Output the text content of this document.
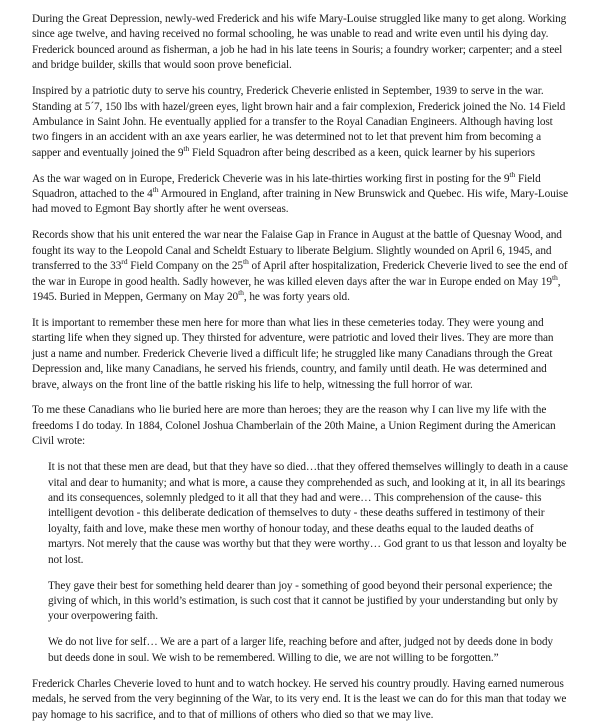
During the Great Depression, newly-wed Frederick and his wife Mary-Louise struggled like many to get along. Working since age twelve, and having received no formal schooling, he was unable to read and write even until his dying day. Frederick bounced around as fisherman, a job he had in his late teens in Souris; a foundry worker; carpenter; and a steel and bridge builder, skills that would soon prove beneficial.

Inspired by a patriotic duty to serve his country, Frederick Cheverie enlisted in September, 1939 to serve in the war. Standing at 5´7, 150 lbs with hazel/green eyes, light brown hair and a fair complexion, Frederick joined the No. 14 Field Ambulance in Saint John. He eventually applied for a transfer to the Royal Canadian Engineers. Although having lost two fingers in an accident with an axe years earlier, he was determined not to let that prevent him from becoming a sapper and eventually joined the 9th Field Squadron after being described as a keen, quick learner by his superiors

As the war waged on in Europe, Frederick Cheverie was in his late-thirties working first in posting for the 9th Field Squadron, attached to the 4th Armoured in England, after training in New Brunswick and Quebec. His wife, Mary-Louise had moved to Egmont Bay shortly after he went overseas.

Records show that his unit entered the war near the Falaise Gap in France in August at the battle of Quesnay Wood, and fought its way to the Leopold Canal and Scheldt Estuary to liberate Belgium. Slightly wounded on April 6, 1945, and transferred to the 33rd Field Company on the 25th of April after hospitalization, Frederick Cheverie lived to see the end of the war in Europe in good health. Sadly however, he was killed eleven days after the war in Europe ended on May 19th, 1945. Buried in Meppen, Germany on May 20th, he was forty years old.

It is important to remember these men here for more than what lies in these cemeteries today. They were young and starting life when they signed up. They thirsted for adventure, were patriotic and loved their lives. They are more than just a name and number. Frederick Cheverie lived a difficult life; he struggled like many Canadians through the Great Depression and, like many Canadians, he served his friends, country, and family until death. He was determined and brave, always on the front line of the battle risking his life to help, witnessing the full horror of war.

To me these Canadians who lie buried here are more than heroes; they are the reason why I can live my life with the freedoms I do today. In 1884, Colonel Joshua Chamberlain of the 20th Maine, a Union Regiment during the American Civil wrote:

It is not that these men are dead, but that they have so died…that they offered themselves willingly to death in a cause vital and dear to humanity; and what is more, a cause they comprehended as such, and looking at it, in all its bearings and its consequences, solemnly pledged to it all that they had and were… This comprehension of the cause- this intelligent devotion - this deliberate dedication of themselves to duty - these deaths suffered in testimony of their loyalty, faith and love, make these men worthy of honour today, and these deaths equal to the lauded deaths of martyrs. Not merely that the cause was worthy but that they were worthy… God grant to us that lesson and loyalty be not lost.

They gave their best for something held dearer than joy - something of good beyond their personal experience; the giving of which, in this world’s estimation, is such cost that it cannot be justified by your understanding but only by your overpowering faith.

We do not live for self… We are a part of a larger life, reaching before and after, judged not by deeds done in body but deeds done in soul. We wish to be remembered. Willing to die, we are not willing to be forgotten.”

Frederick Charles Cheverie loved to hunt and to watch hockey. He served his country proudly. Having earned numerous medals, he served from the very beginning of the War, to its very end. It is the least we can do for this man that today we pay homage to his sacrifice, and to that of millions of others who died so that we may live.
